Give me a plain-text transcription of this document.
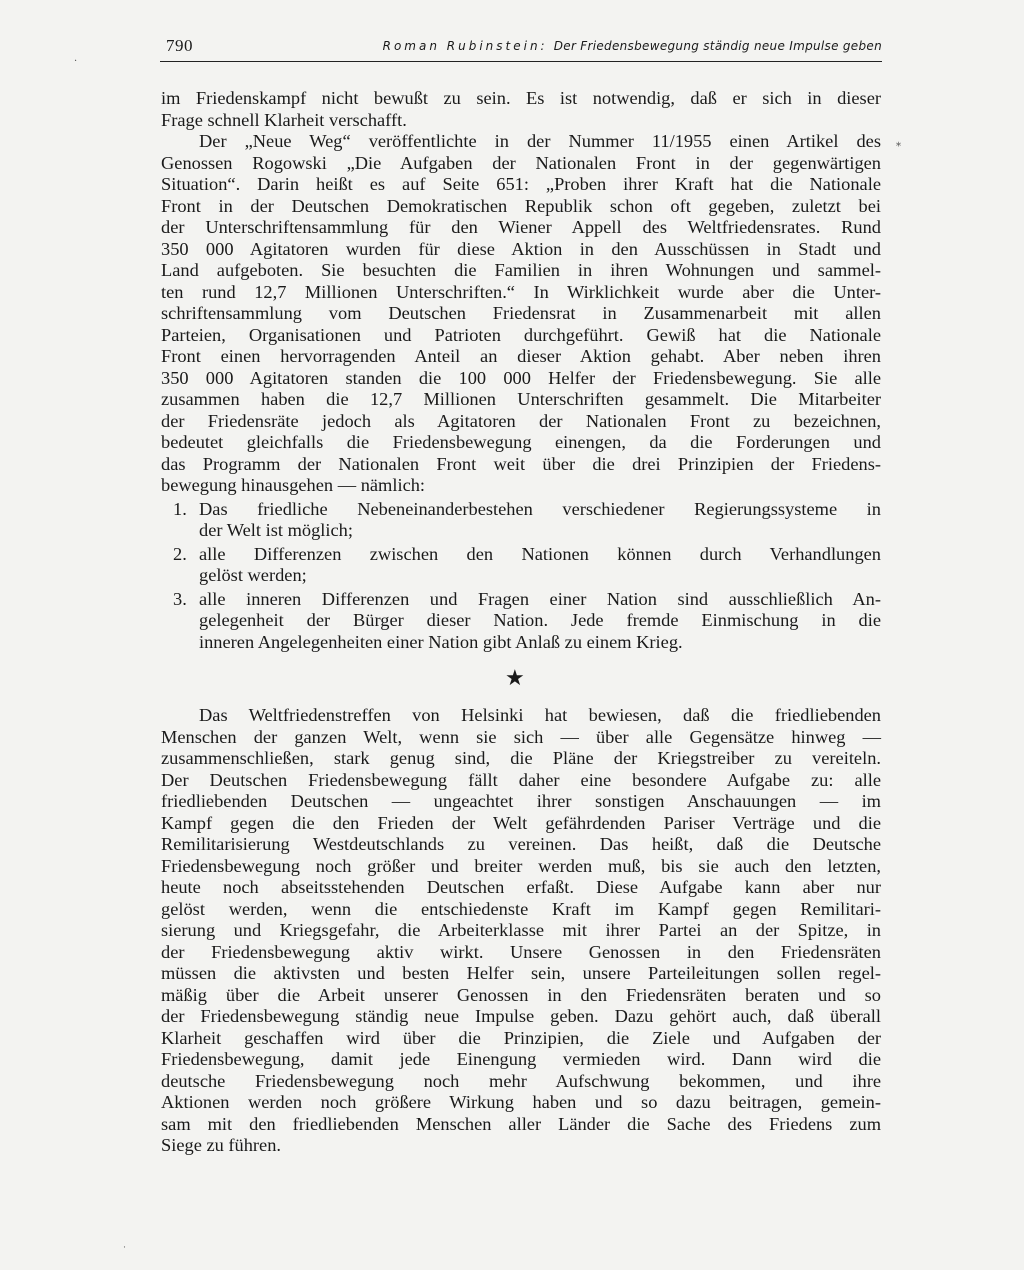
790	Roman Rubinstein: Der Friedensbewegung ständig neue Impulse geben
·
⁎
˙
im Friedenskampf nicht bewußt zu sein. Es ist notwendig, daß er sich in dieser
Frage schnell Klarheit verschafft.
Der „Neue Weg“ veröffentlichte in der Nummer 11/1955 einen Artikel des
Genossen Rogowski „Die Aufgaben der Nationalen Front in der gegenwärtigen
Situation“. Darin heißt es auf Seite 651: „Proben ihrer Kraft hat die Nationale
Front in der Deutschen Demokratischen Republik schon oft gegeben, zuletzt bei
der Unterschriftensammlung für den Wiener Appell des Weltfriedensrates. Rund
350 000 Agitatoren wurden für diese Aktion in den Ausschüssen in Stadt und
Land aufgeboten. Sie besuchten die Familien in ihren Wohnungen und sammel-
ten rund 12,7 Millionen Unterschriften.“ In Wirklichkeit wurde aber die Unter-
schriftensammlung vom Deutschen Friedensrat in Zusammenarbeit mit allen
Parteien, Organisationen und Patrioten durchgeführt. Gewiß hat die Nationale
Front einen hervorragenden Anteil an dieser Aktion gehabt. Aber neben ihren
350 000 Agitatoren standen die 100 000 Helfer der Friedensbewegung. Sie alle
zusammen haben die 12,7 Millionen Unterschriften gesammelt. Die Mitarbeiter
der Friedensräte jedoch als Agitatoren der Nationalen Front zu bezeichnen,
bedeutet gleichfalls die Friedensbewegung einengen, da die Forderungen und
das Programm der Nationalen Front weit über die drei Prinzipien der Friedens-
bewegung hinausgehen — nämlich:
1. Das friedliche Nebeneinanderbestehen verschiedener Regierungssysteme in
der Welt ist möglich;
2. alle Differenzen zwischen den Nationen können durch Verhandlungen
gelöst werden;
3. alle inneren Differenzen und Fragen einer Nation sind ausschließlich An-
gelegenheit der Bürger dieser Nation. Jede fremde Einmischung in die
inneren Angelegenheiten einer Nation gibt Anlaß zu einem Krieg.
★
Das Weltfriedenstreffen von Helsinki hat bewiesen, daß die friedliebenden
Menschen der ganzen Welt, wenn sie sich — über alle Gegensätze hinweg —
zusammenschließen, stark genug sind, die Pläne der Kriegstreiber zu vereiteln.
Der Deutschen Friedensbewegung fällt daher eine besondere Aufgabe zu: alle
friedliebenden Deutschen — ungeachtet ihrer sonstigen Anschauungen — im
Kampf gegen die den Frieden der Welt gefährdenden Pariser Verträge und die
Remilitarisierung Westdeutschlands zu vereinen. Das heißt, daß die Deutsche
Friedensbewegung noch größer und breiter werden muß, bis sie auch den letzten,
heute noch abseitsstehenden Deutschen erfaßt. Diese Aufgabe kann aber nur
gelöst werden, wenn die entschiedenste Kraft im Kampf gegen Remilitari-
sierung und Kriegsgefahr, die Arbeiterklasse mit ihrer Partei an der Spitze, in
der Friedensbewegung aktiv wirkt. Unsere Genossen in den Friedensräten
müssen die aktivsten und besten Helfer sein, unsere Parteileitungen sollen regel-
mäßig über die Arbeit unserer Genossen in den Friedensräten beraten und so
der Friedensbewegung ständig neue Impulse geben. Dazu gehört auch, daß überall
Klarheit geschaffen wird über die Prinzipien, die Ziele und Aufgaben der
Friedensbewegung, damit jede Einengung vermieden wird. Dann wird die
deutsche Friedensbewegung noch mehr Aufschwung bekommen, und ihre
Aktionen werden noch größere Wirkung haben und so dazu beitragen, gemein-
sam mit den friedliebenden Menschen aller Länder die Sache des Friedens zum
Siege zu führen.
